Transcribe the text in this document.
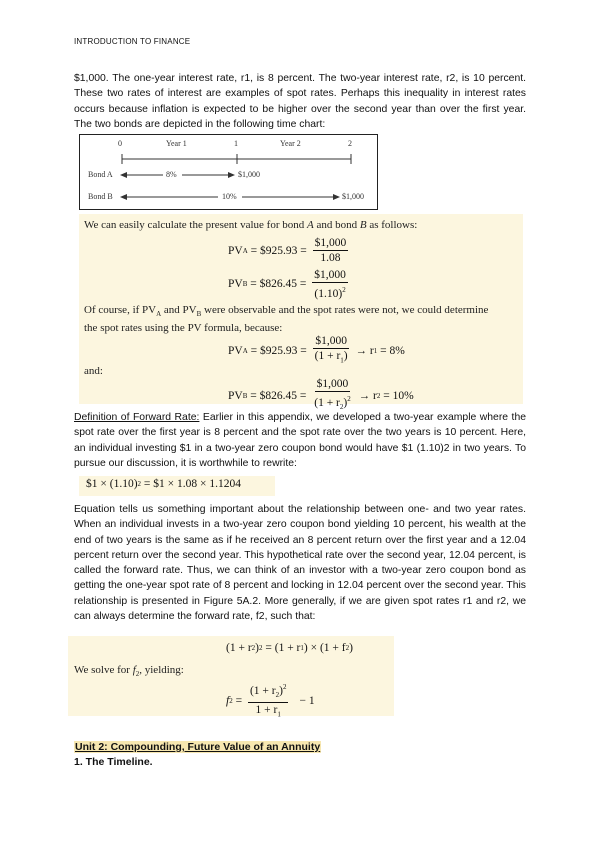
INTRODUCTION TO FINANCE

$1,000. The one-year interest rate, r1, is 8 percent. The two-year interest rate, r2, is 10 percent. These two rates of interest are examples of spot rates. Perhaps this inequality in interest rates occurs because inflation is expected to be higher over the second year than over the first year. The two bonds are depicted in the following time chart:

0	Year 1	1	Year 2	2
Bond A	8%	$1,000
Bond B	10%	$1,000
We can easily calculate the present value for bond A and bond B as follows:
PV A = $925.93 = $\frac{\$1,000}{1.08}$
PV B = $826.45 = $\frac{\$1,000}{(1.10)^2}$
Of course, if $PV_A$ and $PV_B$ were observable and the spot rates were not, we could determine
the spot rates using the PV formula, because:
PV A = $925.93 = $\frac{\$1,000}{(1 + r_1)} \to r$ 1 = 8%
and:
PV B = $826.45 = $\frac{\$1,000}{(1 + r_2)^2} \to r$ 2 = 10%

Definition of Forward Rate: Earlier in this appendix, we developed a two-year example where the spot rate over the first year is 8 percent and the spot rate over the two years is 10 percent. Here, an individual investing $1 in a two-year zero coupon bond would have $1 (1.10)2 in two years. To pursue our discussion, it is worthwhile to rewrite:

$1 × (1.10) 2 = $1 × 1.08 × 1.1204

Equation tells us something important about the relationship between one- and two year rates. When an individual invests in a two-year zero coupon bond yielding 10 percent, his wealth at the end of two years is the same as if he received an 8 percent return over the first year and a 12.04 percent return over the second year. This hypothetical rate over the second year, 12.04 percent, is called the forward rate. Thus, we can think of an investor with a two-year zero coupon bond as getting the one-year spot rate of 8 percent and locking in 12.04 percent over the second year. This relationship is presented in Figure 5A.2. More generally, if we are given spot rates r1 and r2, we can always determine the forward rate, f2, such that:

(1 + r 2 ) 2 = (1 + r 1 ) × (1 + f 2 )
We solve for $f_2$, yielding:
f $2 = \frac{(1 + r_2)^2}{1 + r_1} - 1$
Unit 2: Compounding, Future Value of an Annuity
1. The Timeline.
